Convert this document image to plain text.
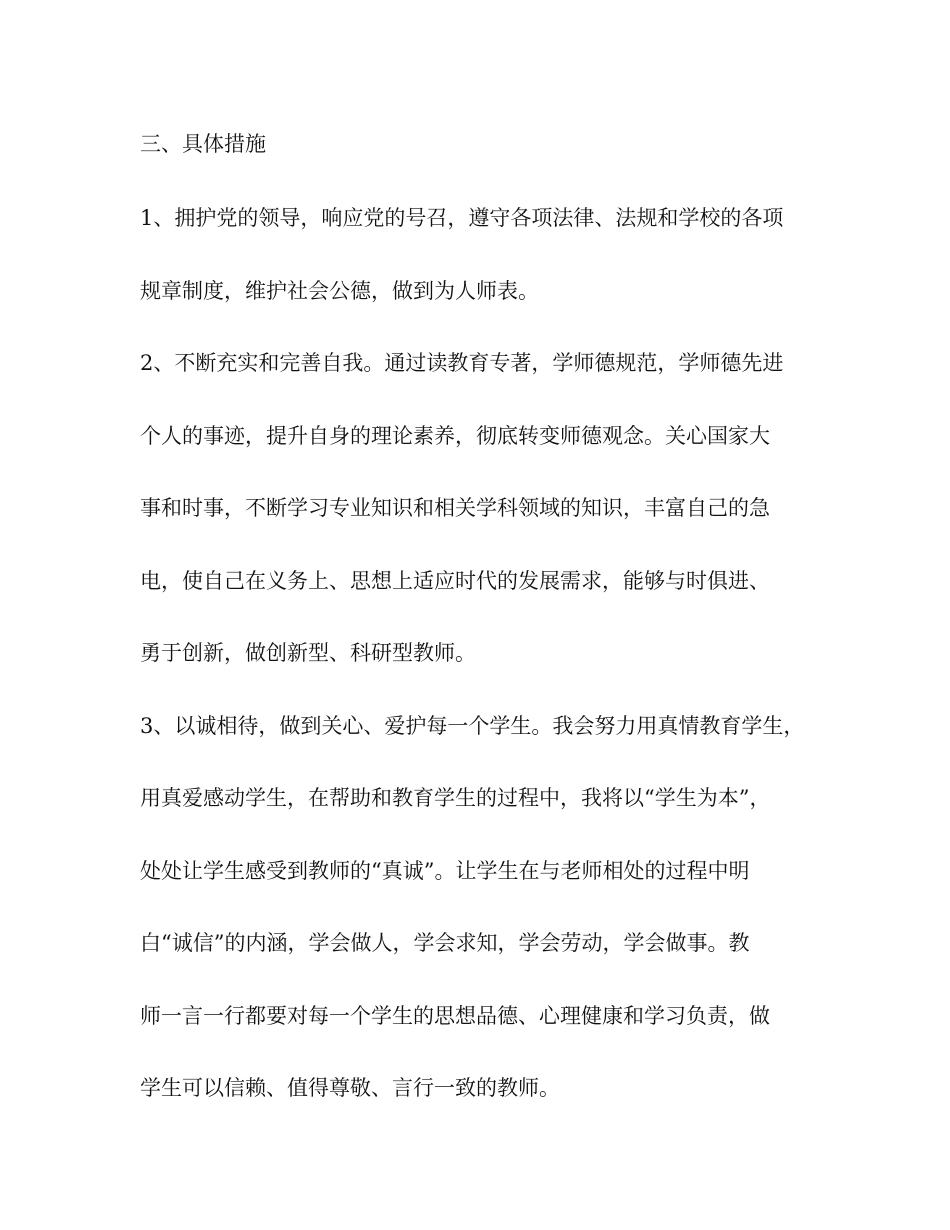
三、具体措施

1、拥护党的领导，响应党的号召，遵守各项法律、法规和学校的各项

规章制度，维护社会公德，做到为人师表。

2、不断充实和完善自我。通过读教育专著，学师德规范，学师德先进

个人的事迹，提升自身的理论素养，彻底转变师德观念。关心国家大

事和时事，不断学习专业知识和相关学科领域的知识，丰富自己的急

电，使自己在义务上、思想上适应时代的发展需求，能够与时俱进、

勇于创新，做创新型、科研型教师。

3、以诚相待，做到关心、爱护每一个学生。我会努力用真情教育学生，

用真爱感动学生，在帮助和教育学生的过程中，我将以“学生为本”，

处处让学生感受到教师的“真诚”。让学生在与老师相处的过程中明

白“诚信”的内涵，学会做人，学会求知，学会劳动，学会做事。教

师一言一行都要对每一个学生的思想品德、心理健康和学习负责，做

学生可以信赖、值得尊敬、言行一致的教师。
